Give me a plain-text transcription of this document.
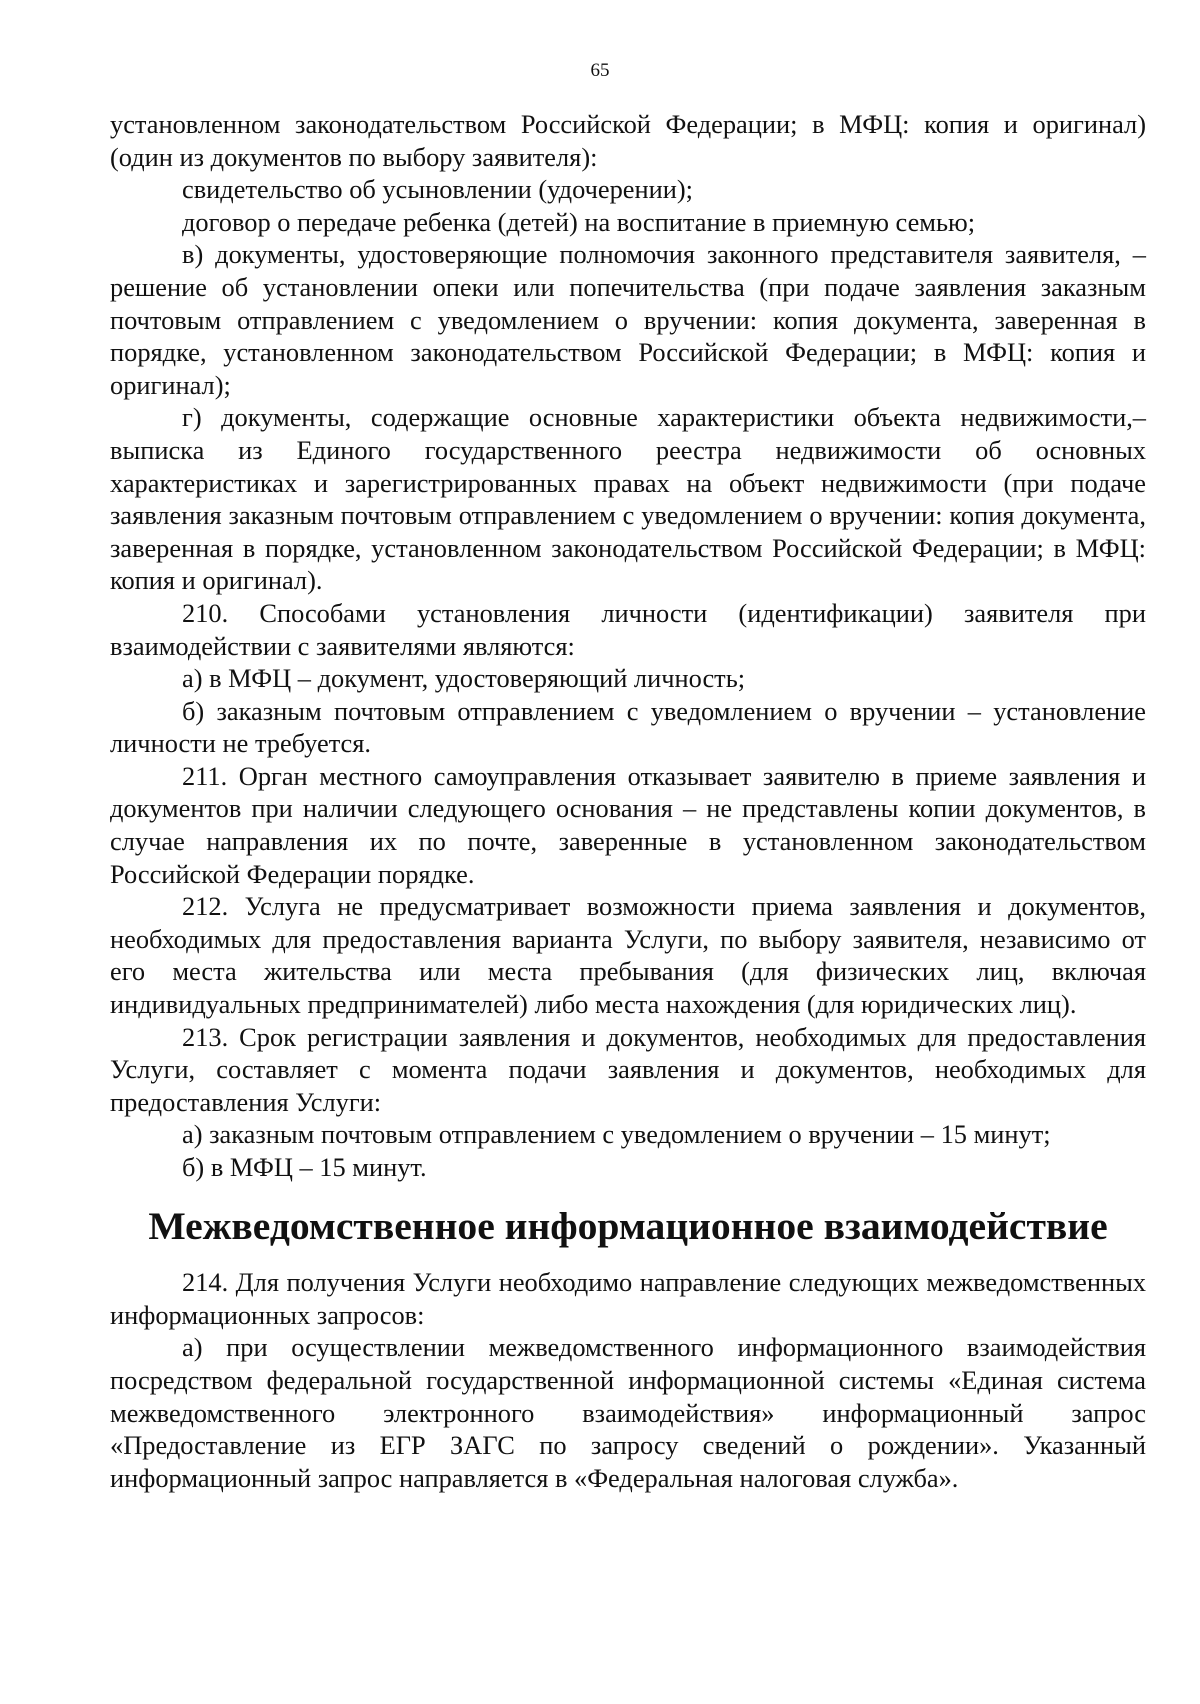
65

установленном законодательством Российской Федерации; в МФЦ: копия и оригинал) (один из документов по выбору заявителя):

свидетельство об усыновлении (удочерении);

договор о передаче ребенка (детей) на воспитание в приемную семью;

в) документы, удостоверяющие полномочия законного представителя заявителя, – решение об установлении опеки или попечительства (при подаче заявления заказным почтовым отправлением с уведомлением о вручении: копия документа, заверенная в порядке, установленном законодательством Российской Федерации; в МФЦ: копия и оригинал);

г) документы, содержащие основные характеристики объекта недвижимости,– выписка из Единого государственного реестра недвижимости об основных характеристиках и зарегистрированных правах на объект недвижимости (при подаче заявления заказным почтовым отправлением с уведомлением о вручении: копия документа, заверенная в порядке, установленном законодательством Российской Федерации; в МФЦ: копия и оригинал).

210. Способами установления личности (идентификации) заявителя при взаимодействии с заявителями являются:

а) в МФЦ – документ, удостоверяющий личность;

б) заказным почтовым отправлением с уведомлением о вручении – установление личности не требуется.

211. Орган местного самоуправления отказывает заявителю в приеме заявления и документов при наличии следующего основания – не представлены копии документов, в случае направления их по почте, заверенные в установленном законодательством Российской Федерации порядке.

212. Услуга не предусматривает возможности приема заявления и документов, необходимых для предоставления варианта Услуги, по выбору заявителя, независимо от его места жительства или места пребывания (для физических лиц, включая индивидуальных предпринимателей) либо места нахождения (для юридических лиц).

213. Срок регистрации заявления и документов, необходимых для предоставления Услуги, составляет с момента подачи заявления и документов, необходимых для предоставления Услуги:

а) заказным почтовым отправлением с уведомлением о вручении – 15 минут;

б) в МФЦ – 15 минут.

Межведомственное информационное взаимодействие

214. Для получения Услуги необходимо направление следующих межведомственных информационных запросов:

а) при осуществлении межведомственного информационного взаимодействия посредством федеральной государственной информационной системы «Единая система межведомственного электронного взаимодействия» информационный запрос «Предоставление из ЕГР ЗАГС по запросу сведений о рождении». Указанный информационный запрос направляется в «Федеральная налоговая служба».
